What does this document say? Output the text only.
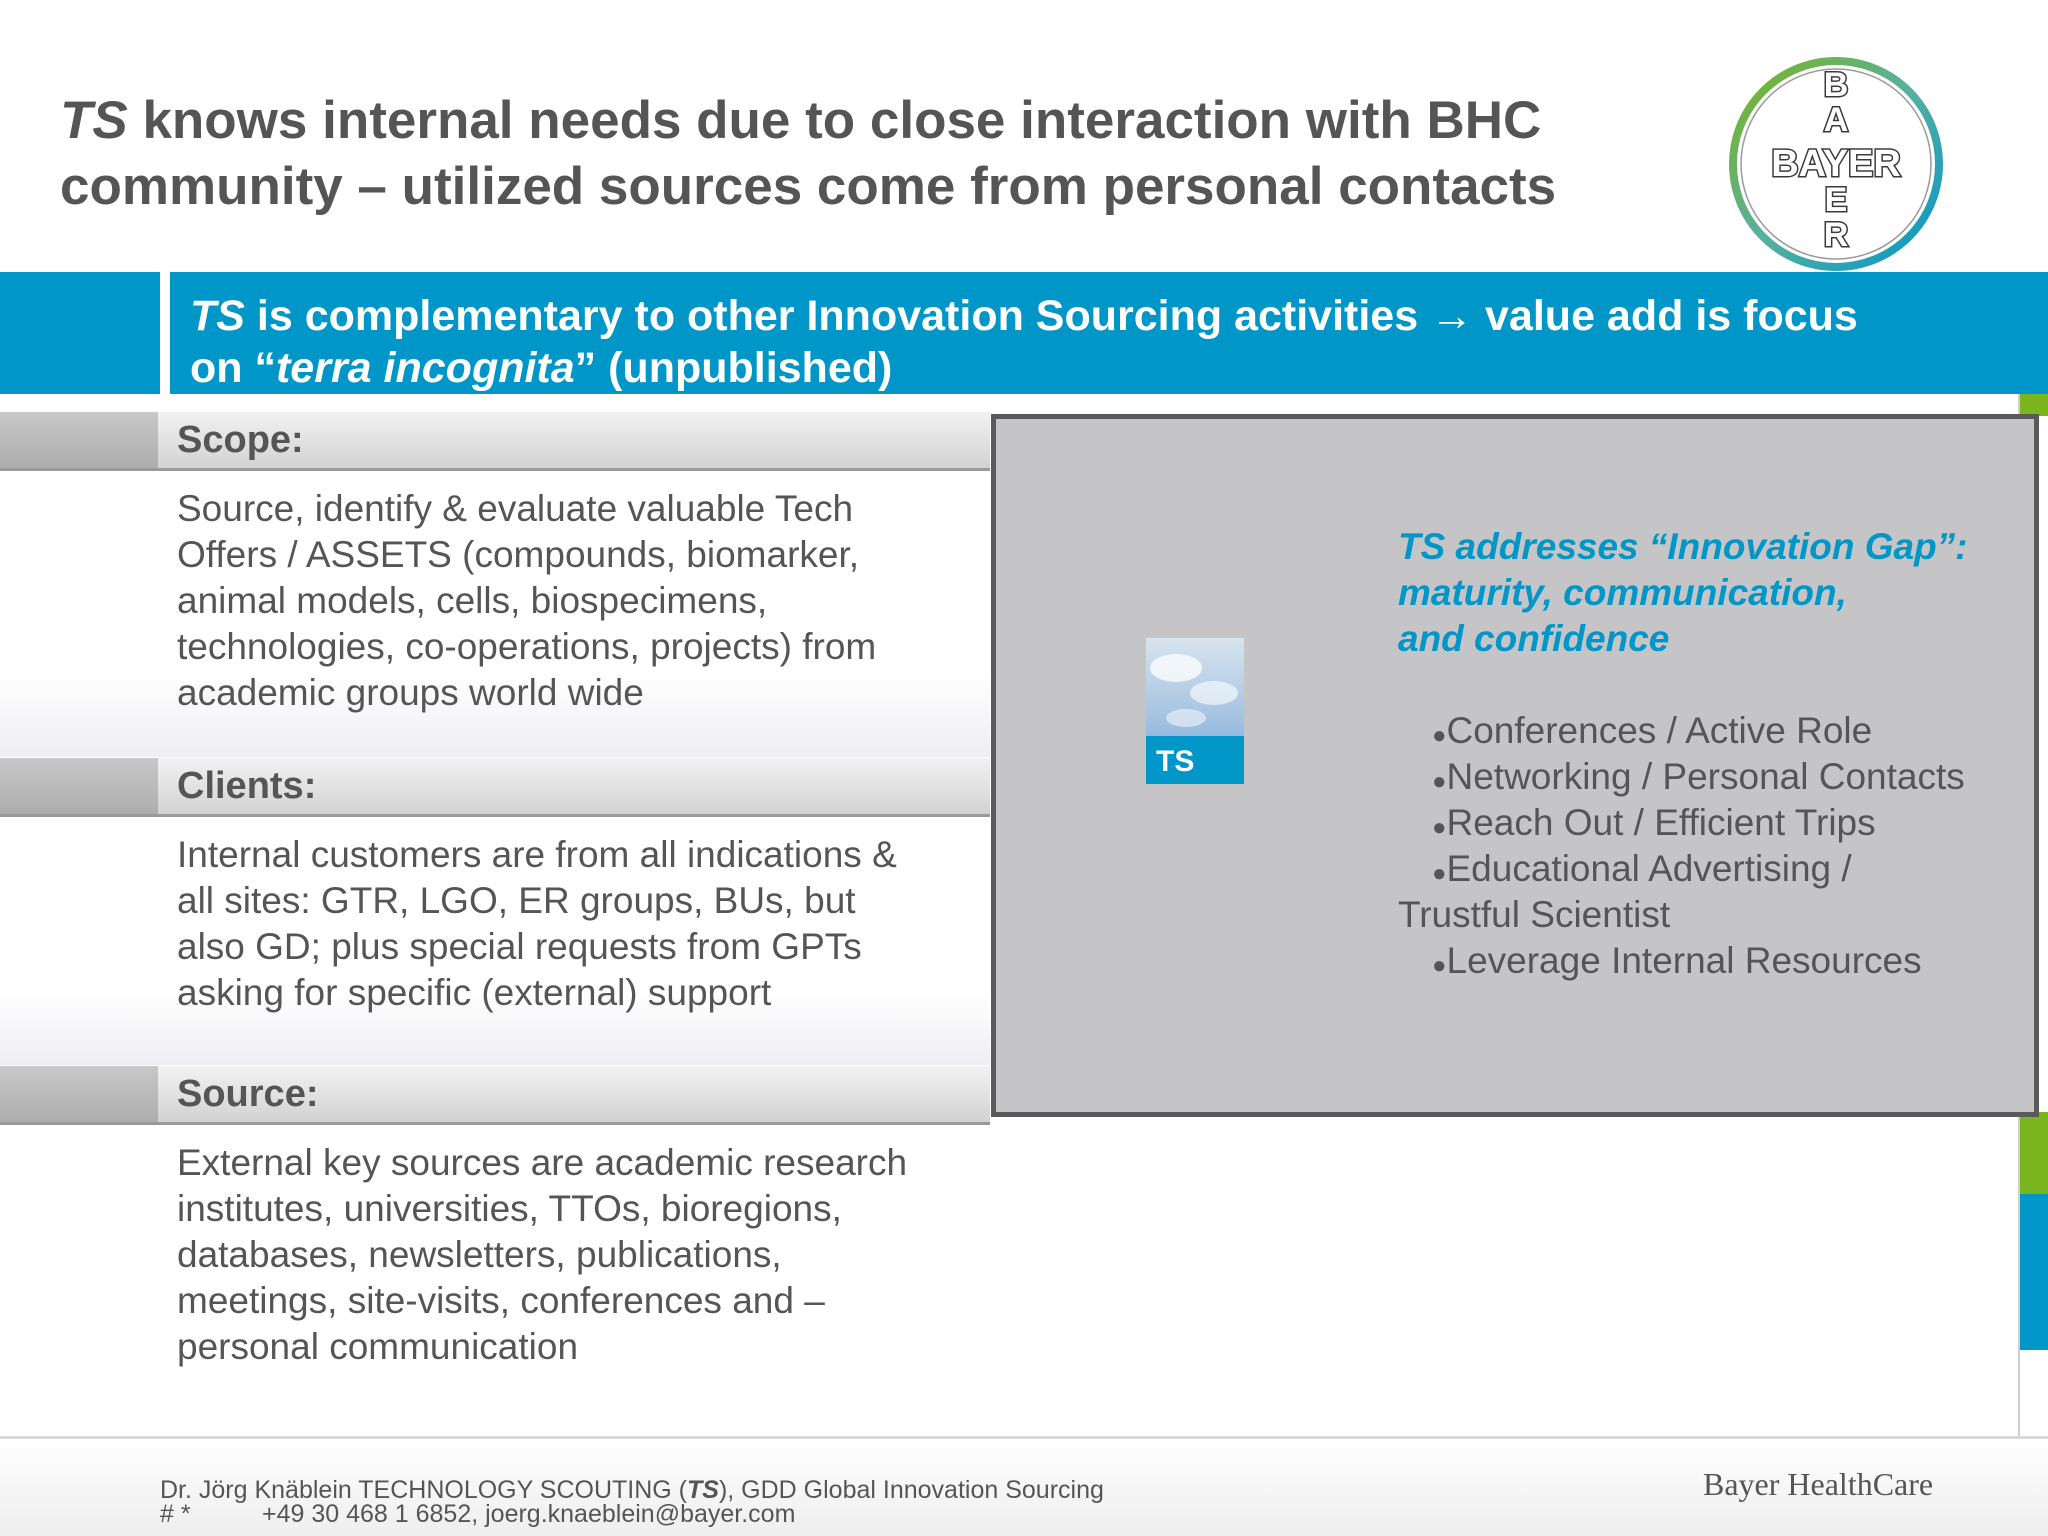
TS knows internal needs due to close interaction with BHC
community – utilized sources come from personal contacts
B
A
BAYER
E
R
TS is complementary to other Innovation Sourcing activities → value add is focus
on “terra incognita” (unpublished)
Scope:
Source, identify & evaluate valuable Tech
Offers / ASSETS (compounds, biomarker,
animal models, cells, biospecimens,
technologies, co-operations, projects) from
academic groups world wide
Clients:
Internal customers are from all indications &
all sites: GTR, LGO, ER groups, BUs, but
also GD; plus special requests from GPTs
asking for specific (external) support
Source:
External key sources are academic research
institutes, universities, TTOs, bioregions,
databases, newsletters, publications,
meetings, site-visits, conferences and –
personal communication
TS
TS addresses “Innovation Gap”:
maturity, communication,
and confidence
●Conferences / Active Role
●Networking / Personal Contacts
●Reach Out / Efficient Trips
●Educational Advertising /
Trustful Scientist
●Leverage Internal Resources
Dr. Jörg Knäblein TECHNOLOGY SCOUTING (TS), GDD Global Innovation Sourcing
# *	+49 30 468 1 6852, joerg.knaeblein@bayer.com
Bayer HealthCare
